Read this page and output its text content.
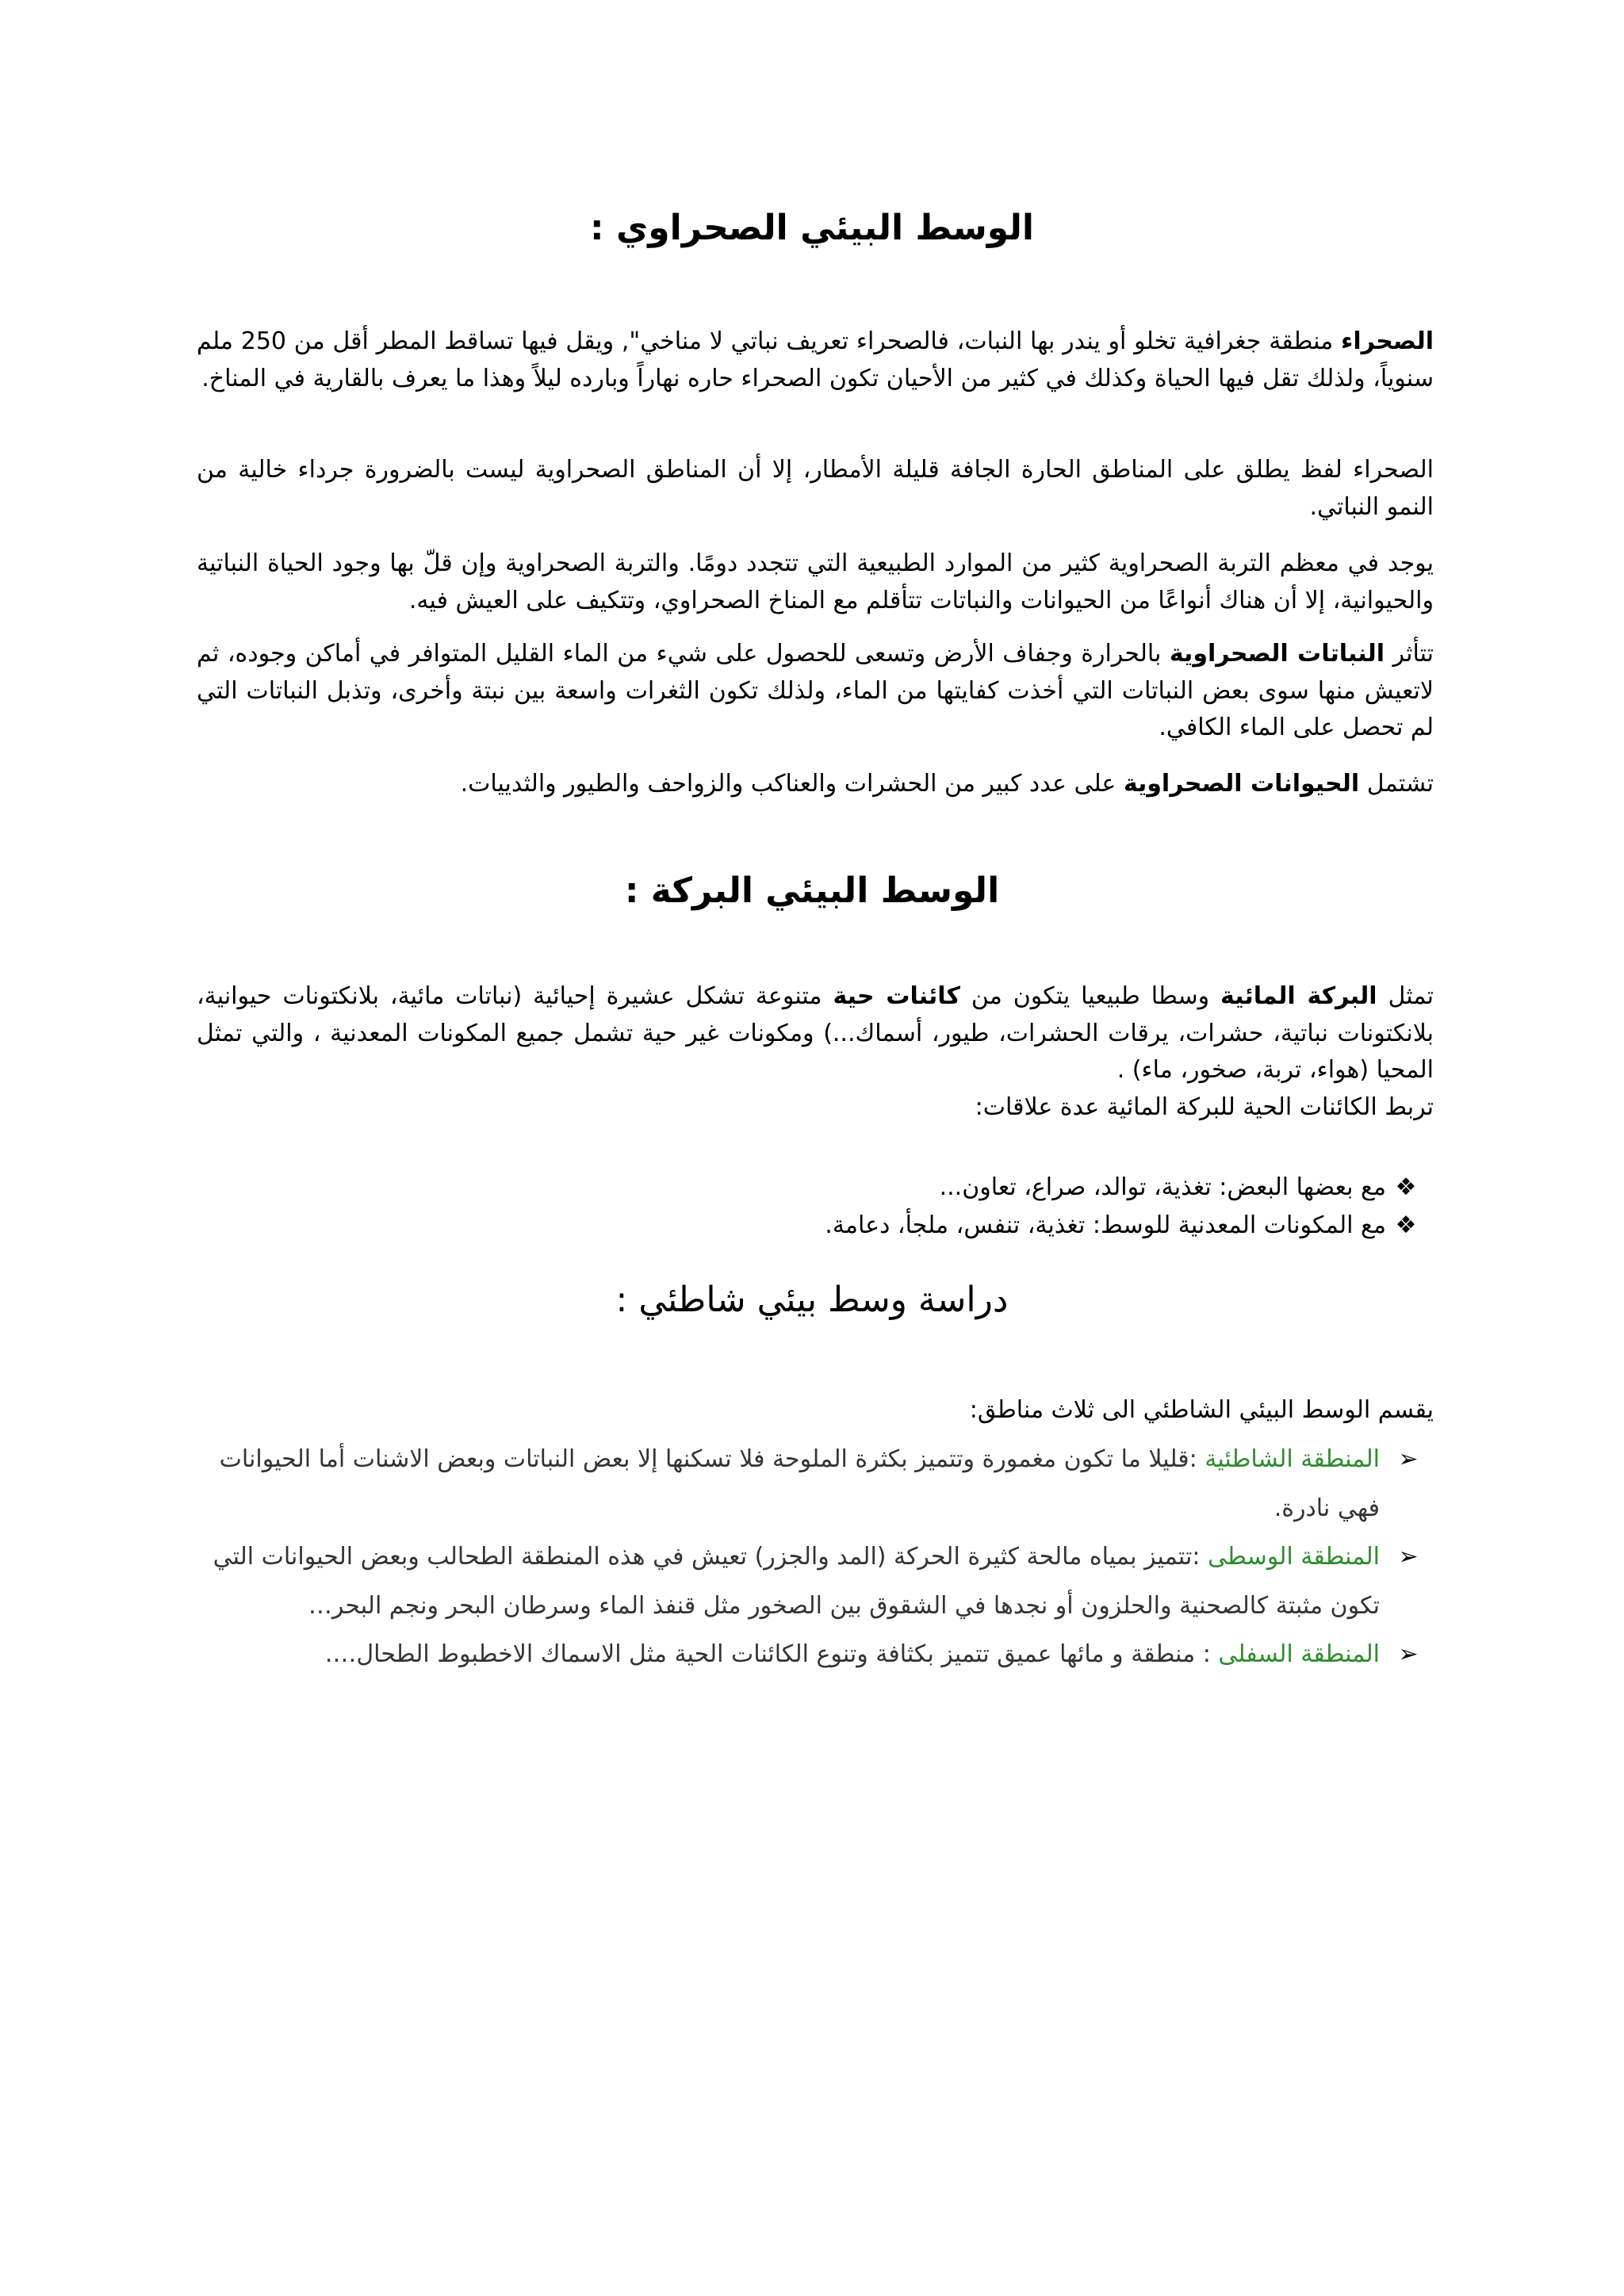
الوسط البيئي الصحراوي :

الصحراء منطقة جغرافية تخلو أو يندر بها النبات، فالصحراء تعريف نباتي لا مناخي", ويقل فيها تساقط المطر أقل من 250 ملم سنوياً، ولذلك تقل فيها الحياة وكذلك في كثير من الأحيان تكون الصحراء حاره نهاراً وبارده ليلاً وهذا ما يعرف بالقارية في المناخ.

الصحراء لفظ يطلق على المناطق الحارة الجافة قليلة الأمطار، إلا أن المناطق الصحراوية ليست بالضرورة جرداء خالية من النمو النباتي.

يوجد في معظم التربة الصحراوية كثير من الموارد الطبيعية التي تتجدد دومًا. والتربة الصحراوية وإن قلّ بها وجود الحياة النباتية والحيوانية، إلا أن هناك أنواعًا من الحيوانات والنباتات تتأقلم مع المناخ الصحراوي، وتتكيف على العيش فيه.

تتأثر النباتات الصحراوية بالحرارة وجفاف الأرض وتسعى للحصول على شيء من الماء القليل المتوافر في أماكن وجوده، ثم لاتعيش منها سوى بعض النباتات التي أخذت كفايتها من الماء، ولذلك تكون الثغرات واسعة بين نبتة وأخرى، وتذبل النباتات التي لم تحصل على الماء الكافي.

تشتمل الحيوانات الصحراوية على عدد كبير من الحشرات والعناكب والزواحف والطيور والثدييات.

الوسط البيئي البركة :

تمثل البركة المائية وسطا طبيعيا يتكون من كائنات حية متنوعة تشكل عشيرة إحيائية (نباتات مائية، بلانكتونات حيوانية، بلانكتونات نباتية، حشرات، يرقات الحشرات، طيور، أسماك...) ومكونات غير حية تشمل جميع المكونات المعدنية ، والتي تمثل المحيا (هواء، تربة، صخور، ماء) .
تربط الكائنات الحية للبركة المائية عدة علاقات:

❖
مع بعضها البعض: تغذية، توالد، صراع، تعاون...
❖
مع المكونات المعدنية للوسط: تغذية، تنفس، ملجأ، دعامة.
دراسة وسط بيئي شاطئي :

يقسم الوسط البيئي الشاطئي الى ثلاث مناطق:

➢
المنطقة الشاطئية :قليلا ما تكون مغمورة وتتميز بكثرة الملوحة فلا تسكنها إلا بعض النباتات وبعض الاشنات أما الحيوانات فهي نادرة.
➢
المنطقة الوسطى :تتميز بمياه مالحة كثيرة الحركة (المد والجزر) تعيش في هذه المنطقة الطحالب وبعض الحيوانات التي تكون مثبتة كالصحنية والحلزون أو نجدها في الشقوق بين الصخور مثل قنفذ الماء وسرطان البحر ونجم البحر…
➢
المنطقة السفلى : منطقة و مائها عميق تتميز بكثافة وتنوع الكائنات الحية مثل الاسماك الاخطبوط الطحال….
